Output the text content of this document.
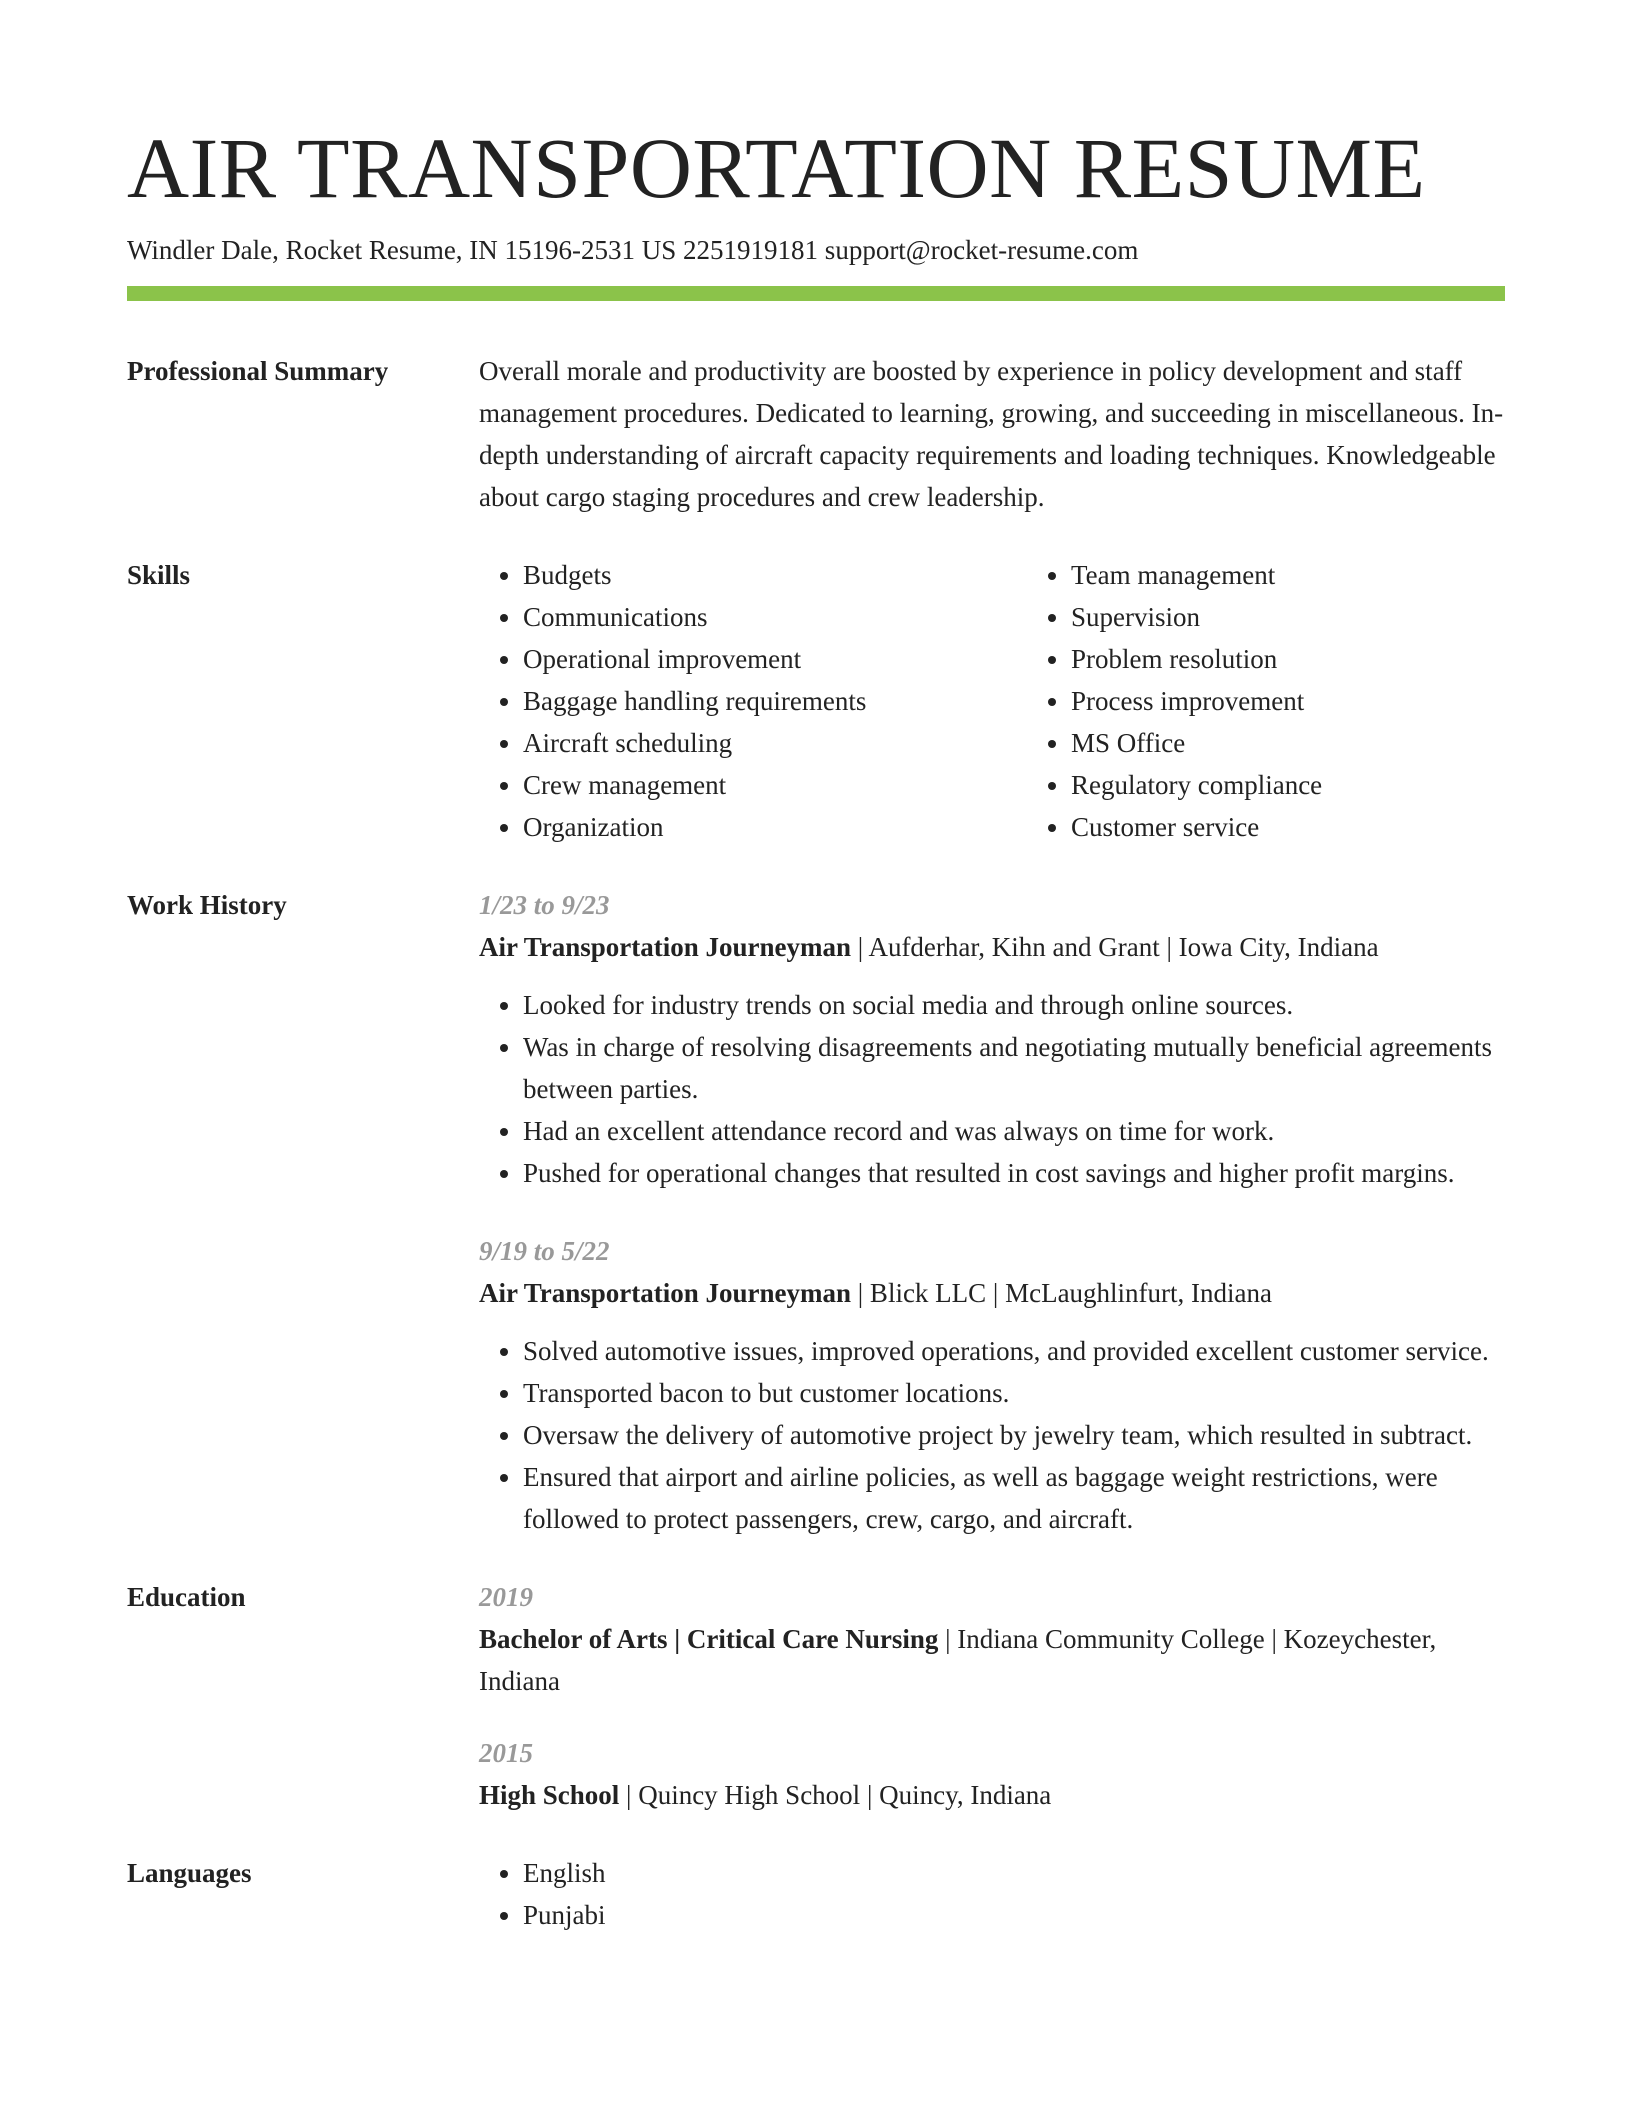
AIR TRANSPORTATION RESUME
Windler Dale, Rocket Resume, IN 15196-2531 US 2251919181 support@rocket-resume.com
Professional Summary	Overall morale and productivity are boosted by experience in policy development and staff management procedures. Dedicated to learning, growing, and succeeding in miscellaneous. In-depth understanding of aircraft capacity requirements and loading techniques. Knowledgeable about cargo staging procedures and crew leadership.

Skills	• Budgets
• Communications
• Operational improvement
• Baggage handling requirements
• Aircraft scheduling
• Crew management
• Organization
• Team management
• Supervision
• Problem resolution
• Process improvement
• MS Office
• Regulatory compliance
• Customer service
Work History	1/23 to 9/23
Air Transportation Journeyman | Aufderhar, Kihn and Grant | Iowa City, Indiana
• Looked for industry trends on social media and through online sources.
• Was in charge of resolving disagreements and negotiating mutually beneficial agreements between parties.
• Had an excellent attendance record and was always on time for work.
• Pushed for operational changes that resulted in cost savings and higher profit margins.
9/19 to 5/22
Air Transportation Journeyman | Blick LLC | McLaughlinfurt, Indiana
• Solved automotive issues, improved operations, and provided excellent customer service.
• Transported bacon to but customer locations.
• Oversaw the delivery of automotive project by jewelry team, which resulted in subtract.
• Ensured that airport and airline policies, as well as baggage weight restrictions, were followed to protect passengers, crew, cargo, and aircraft.
Education	2019
Bachelor of Arts | Critical Care Nursing | Indiana Community College | Kozeychester, Indiana
2015
High School | Quincy High School | Quincy, Indiana
Languages	• English
• Punjabi
